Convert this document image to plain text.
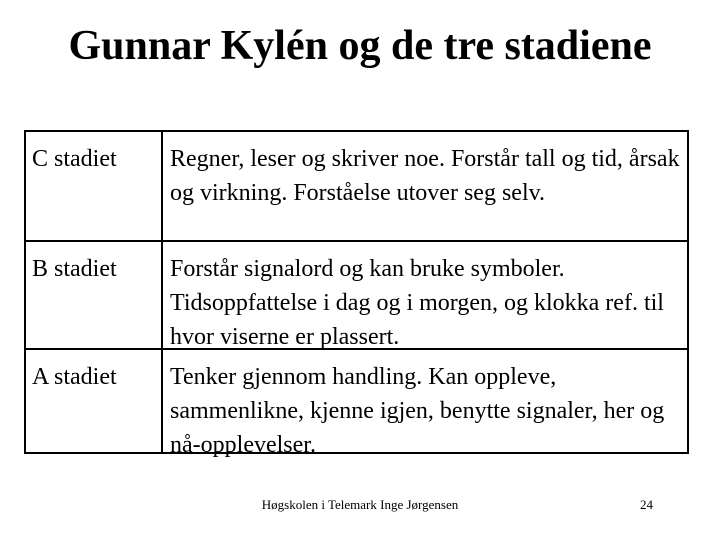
Gunnar Kylén og de tre stadiene
C stadiet Regner, leser og skriver noe. Forstår tall og tid, årsak og virkning. Forståelse utover seg selv.
B stadiet Forstår signalord og kan bruke symboler. Tidsoppfattelse i dag og i morgen, og klokka ref. til hvor viserne er plassert.
A stadiet Tenker gjennom handling. Kan oppleve, sammenlikne, kjenne igjen, benytte signaler, her og nå-opplevelser.
Høgskolen i Telemark Inge Jørgensen	24
